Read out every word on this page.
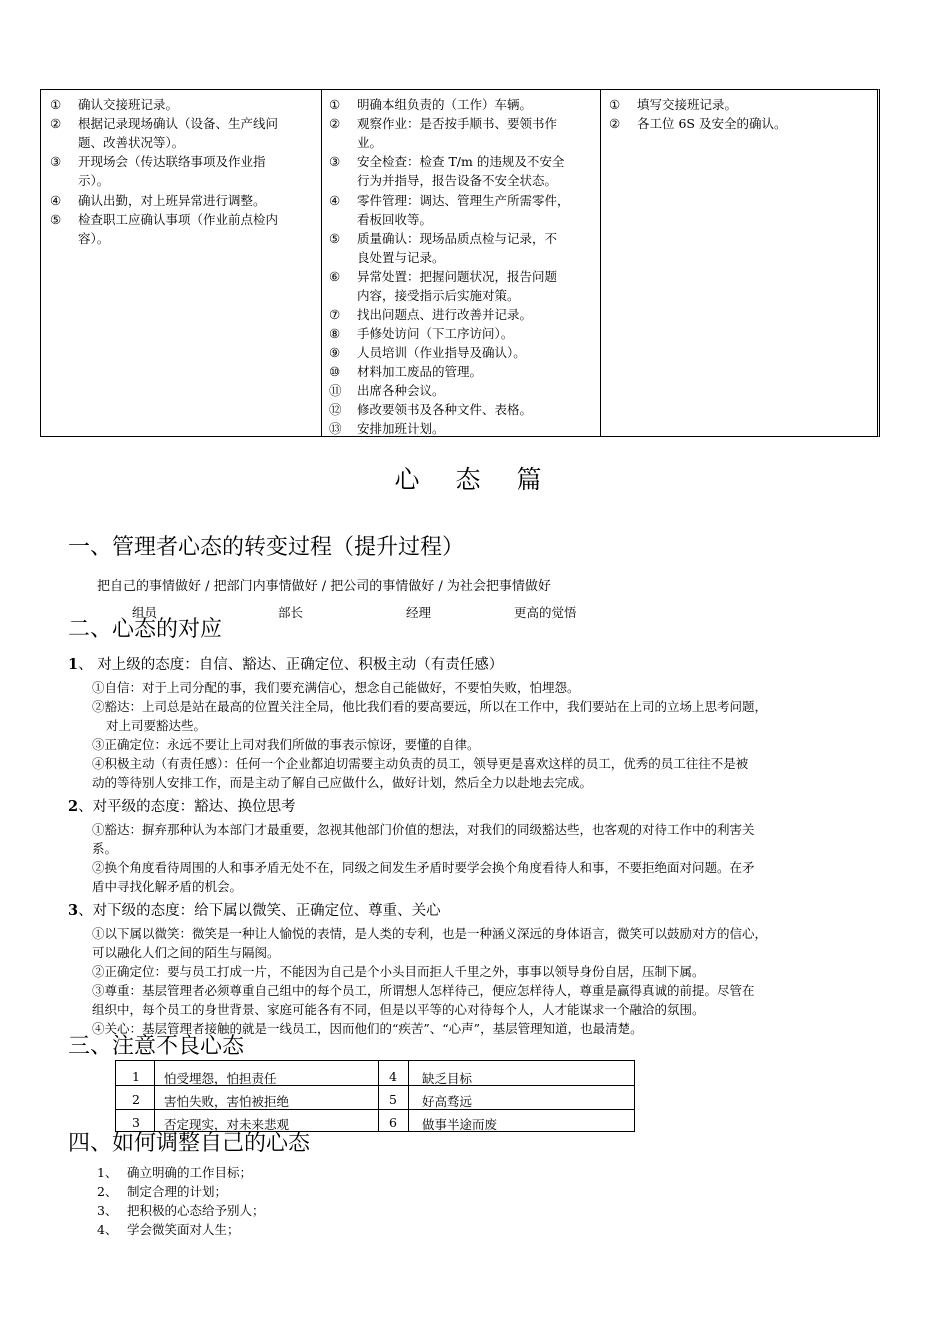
①	确认交接班记录。
②	根据记录现场确认（设备、生产线问
题、改善状况等）。
③	开现场会（传达联络事项及作业指
示）。
④	确认出勤，对上班异常进行调整。
⑤	检查职工应确认事项（作业前点检内
容）。
①	明确本组负责的（工作）车辆。
②	观察作业：是否按手顺书、要领书作
业。
③	安全检查：检查 T/m 的违规及不安全
行为并指导，报告设备不安全状态。
④	零件管理：调达、管理生产所需零件，
看板回收等。
⑤	质量确认：现场品质点检与记录，不
良处置与记录。
⑥	异常处置：把握问题状况，报告问题
内容，接受指示后实施对策。
⑦	找出问题点、进行改善并记录。
⑧	手修处访问（下工序访问）。
⑨	人员培训（作业指导及确认）。
⑩	材料加工废品的管理。
⑪	出席各种会议。
⑫	修改要领书及各种文件、表格。
⑬	安排加班计划。
①	填写交接班记录。
②	各工位 6S 及安全的确认。
心 态 篇
一、管理者心态的转变过程（提升过程）
把自己的事情做好 / 把部门内事情做好 / 把公司的事情做好 / 为社会把事情做好
组员	部长	经理	更高的觉悟
二、心态的对应
1、 对上级的态度：自信、豁达、正确定位、积极主动（有责任感）
①自信：对于上司分配的事，我们要充满信心，想念自己能做好，不要怕失败，怕埋怨。
②豁达：上司总是站在最高的位置关注全局，他比我们看的要高要远，所以在工作中，我们要站在上司的立场上思考问题，
对上司要豁达些。
③正确定位：永远不要让上司对我们所做的事表示惊讶，要懂的自律。
④积极主动（有责任感）：任何一个企业都迫切需要主动负责的员工，领导更是喜欢这样的员工，优秀的员工往往不是被
动的等待别人安排工作，而是主动了解自己应做什么，做好计划，然后全力以赴地去完成。
2、对平级的态度：豁达、换位思考
①豁达：摒弃那种认为本部门才最重要，忽视其他部门价值的想法，对我们的同级豁达些，也客观的对待工作中的利害关
系。
②换个角度看待周围的人和事矛盾无处不在，同级之间发生矛盾时要学会换个角度看待人和事，不要拒绝面对问题。在矛
盾中寻找化解矛盾的机会。
3、对下级的态度：给下属以微笑、正确定位、尊重、关心
①以下属以微笑：微笑是一种让人愉悦的表情，是人类的专利，也是一种涵义深远的身体语言，微笑可以鼓励对方的信心，
可以融化人们之间的陌生与隔阂。
②正确定位：要与员工打成一片，不能因为自己是个小头目而拒人千里之外，事事以领导身份自居，压制下属。
③尊重：基层管理者必须尊重自己组中的每个员工，所谓想人怎样待己，便应怎样待人，尊重是赢得真诚的前提。尽管在
组织中，每个员工的身世背景、家庭可能各有不同，但是以平等的心对待每个人，人才能谋求一个融洽的氛围。
④关心：基层管理者接触的就是一线员工，因而他们的“疾苦”、“心声”，基层管理知道，也最清楚。
三、注意不良心态
1 怕受埋怨，怕担责任	4 缺乏目标
2 害怕失败，害怕被拒绝	5 好高骛远
3 否定现实，对未来悲观	6 做事半途而废
四、如何调整自己的心态
1、 确立明确的工作目标；
2、 制定合理的计划；
3、 把积极的心态给予别人；
4、 学会微笑面对人生；
